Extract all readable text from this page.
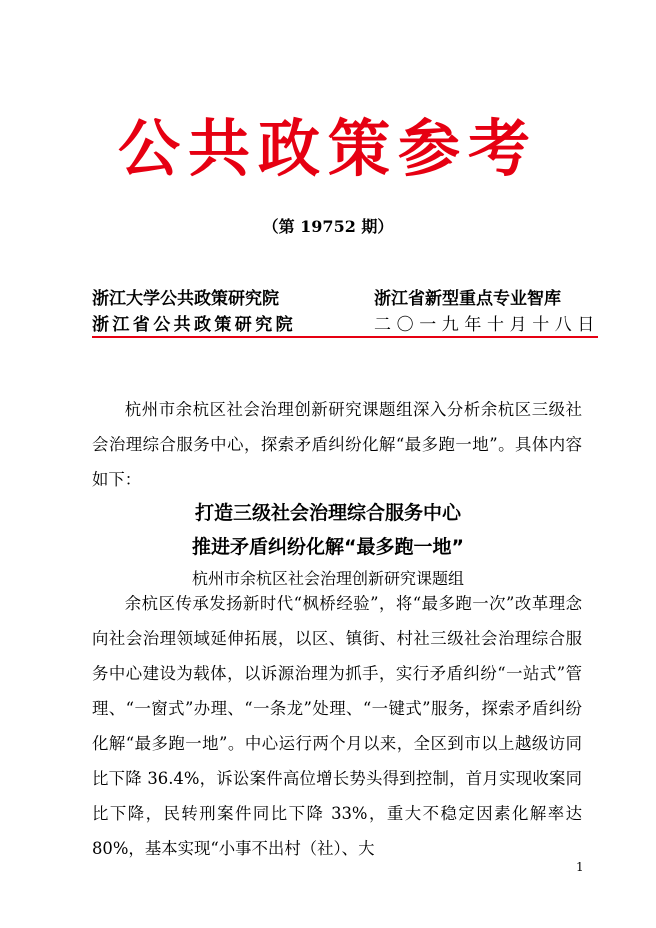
公共政策参考
（第 19752 期）
浙江大学公共政策研究院
浙江省公共政策研究院
浙江省新型重点专业智库
二〇一九年十月十八日
杭州市余杭区社会治理创新研究课题组深入分析余杭区三级社会治理综合服务中心，探索矛盾纠纷化解“最多跑一地”。具体内容如下：
打造三级社会治理综合服务中心
推进矛盾纠纷化解“最多跑一地”
杭州市余杭区社会治理创新研究课题组
余杭区传承发扬新时代“枫桥经验”，将“最多跑一次”改革理念向社会治理领域延伸拓展，以区、镇街、村社三级社会治理综合服务中心建设为载体，以诉源治理为抓手，实行矛盾纠纷“一站式”管理、“一窗式”办理、“一条龙”处理、“一键式”服务，探索矛盾纠纷化解“最多跑一地”。中心运行两个月以来，全区到市以上越级访同比下降 36.4%，诉讼案件高位增长势头得到控制，首月实现收案同比下降，民转刑案件同比下降 33%，重大不稳定因素化解率达 80%，基本实现“小事不出村（社）、大
1
